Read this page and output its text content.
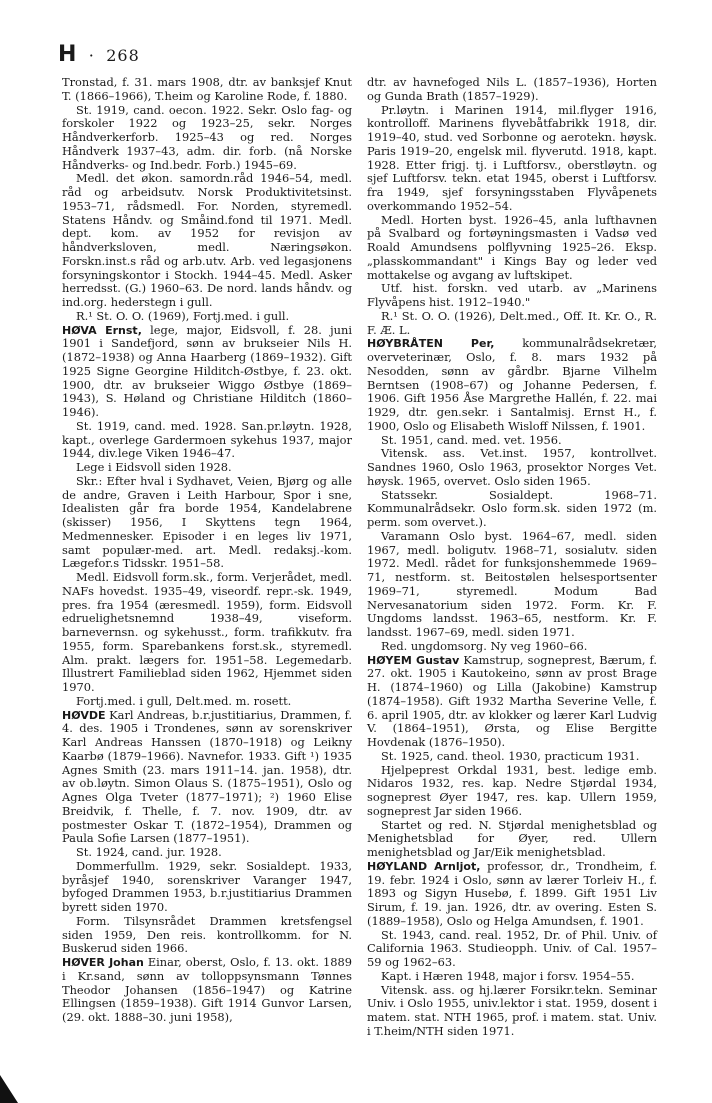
H · 268

Tronstad, f. 31. mars 1908, dtr. av banksjef Knut T. (1866–1966), T.heim og Karoline Rode, f. 1880.

St. 1919, cand. oecon. 1922. Sekr. Oslo fag- og forskoler 1922 og 1923–25, sekr. Norges Håndverkerforb. 1925–43 og red. Norges Håndverk 1937–43, adm. dir. forb. (nå Norske Håndverks- og Ind.bedr. Forb.) 1945–69.

Medl. det økon. samordn.råd 1946–54, medl. råd og arbeidsutv. Norsk Produktivitetsinst. 1953–71, rådsmedl. For. Norden, styremedl. Statens Håndv. og Småind.fond til 1971. Medl. dept. kom. av 1952 for revisjon av håndverksloven, medl. Næringsøkon. Forskn.inst.s råd og arb.utv. Arb. ved legasjonens forsyningskontor i Stockh. 1944–45. Medl. Asker herredsst. (G.) 1960–63. De nord. lands håndv. og ind.org. hederstegn i gull.

R.¹ St. O. O. (1969), Fortj.med. i gull.

HØVA Ernst, lege, major, Eidsvoll, f. 28. juni 1901 i Sandefjord, sønn av brukseier Nils H. (1872–1938) og Anna Haarberg (1869–1932). Gift 1925 Signe Georgine Hilditch-Østbye, f. 23. okt. 1900, dtr. av brukseier Wiggo Østbye (1869–1943), S. Høland og Christiane Hilditch (1860–1946).

St. 1919, cand. med. 1928. San.pr.løytn. 1928, kapt., overlege Gardermoen sykehus 1937, major 1944, div.lege Viken 1946–47.

Lege i Eidsvoll siden 1928.

Skr.: Efter hval i Sydhavet, Veien, Bjørg og alle de andre, Graven i Leith Harbour, Spor i sne, Idealisten går fra borde 1954, Kandelabrene (skisser) 1956, I Skyttens tegn 1964, Medmennesker. Episoder i en leges liv 1971, samt populær-med. art. Medl. redaksj.-kom. Lægefor.s Tidsskr. 1951–58.

Medl. Eidsvoll form.sk., form. Verjerådet, medl. NAFs hovedst. 1935–49, viseordf. repr.-sk. 1949, pres. fra 1954 (æresmedl. 1959), form. Eidsvoll edruelighetsnemnd 1938–49, viseform. barnevernsn. og sykehusst., form. trafikkutv. fra 1955, form. Sparebankens forst.sk., styremedl. Alm. prakt. lægers for. 1951–58. Legemedarb. Illustrert Familieblad siden 1962, Hjemmet siden 1970.

Fortj.med. i gull, Delt.med. m. rosett.

HØVDE Karl Andreas, b.r.justitiarius, Drammen, f. 4. des. 1905 i Trondenes, sønn av sorenskriver Karl Andreas Hanssen (1870–1918) og Leikny Kaarbø (1879–1966). Navnefor. 1933. Gift ¹) 1935 Agnes Smith (23. mars 1911–14. jan. 1958), dtr. av ob.løytn. Simon Olaus S. (1875–1951), Oslo og Agnes Olga Tveter (1877–1971); ²) 1960 Elise Breidvik, f. Thelle, f. 7. nov. 1909, dtr. av postmester Oskar T. (1872–1954), Drammen og Paula Sofie Larsen (1877–1951).

St. 1924, cand. jur. 1928.

Dommerfullm. 1929, sekr. Sosialdept. 1933, byråsjef 1940, sorenskriver Varanger 1947, byfoged Drammen 1953, b.r.justitiarius Drammen byrett siden 1970.

Form. Tilsynsrådet Drammen kretsfengsel siden 1959, Den reis. kontrollkomm. for N. Buskerud siden 1966.

HØVER Johan Einar, oberst, Oslo, f. 13. okt. 1889 i Kr.sand, sønn av tolloppsynsmann Tønnes Theodor Johansen (1856–1947) og Katrine Ellingsen (1859–1938). Gift 1914 Gunvor Larsen, (29. okt. 1888–30. juni 1958),

dtr. av havnefoged Nils L. (1857–1936), Horten og Gunda Brath (1857–1929).

Pr.løytn. i Marinen 1914, mil.flyger 1916, kontrolloff. Marinens flyvebåtfabrikk 1918, dir. 1919–40, stud. ved Sorbonne og aerotekn. høysk. Paris 1919–20, engelsk mil. flyverutd. 1918, kapt. 1928. Etter frigj. tj. i Luftforsv., oberstløytn. og sjef Luftforsv. tekn. etat 1945, oberst i Luftforsv. fra 1949, sjef forsyningsstaben Flyvåpenets overkommando 1952–54.

Medl. Horten byst. 1926–45, anla lufthavnen på Svalbard og fortøyningsmasten i Vadsø ved Roald Amundsens polflyvning 1925–26. Eksp. „plasskommandant" i Kings Bay og leder ved mottakelse og avgang av luftskipet.

Utf. hist. forskn. ved utarb. av „Marinens Flyvåpens hist. 1912–1940."

R.¹ St. O. O. (1926), Delt.med., Off. It. Kr. O., R. F. Æ. L.

HØYBRÅTEN Per, kommunalrådsekretær, overveterinær, Oslo, f. 8. mars 1932 på Nesodden, sønn av gårdbr. Bjarne Vilhelm Berntsen (1908–67) og Johanne Pedersen, f. 1906. Gift 1956 Åse Margrethe Hallén, f. 22. mai 1929, dtr. gen.sekr. i Santalmisj. Ernst H., f. 1900, Oslo og Elisabeth Wisloff Nilssen, f. 1901.

St. 1951, cand. med. vet. 1956.

Vitensk. ass. Vet.inst. 1957, kontrollvet. Sandnes 1960, Oslo 1963, prosektor Norges Vet. høysk. 1965, overvet. Oslo siden 1965.

Statssekr. Sosialdept. 1968–71. Kommunalrådsekr. Oslo form.sk. siden 1972 (m. perm. som overvet.).

Varamann Oslo byst. 1964–67, medl. siden 1967, medl. boligutv. 1968–71, sosialutv. siden 1972. Medl. rådet for funksjonshemmede 1969–71, nestform. st. Beitostølen helsesportsenter 1969–71, styremedl. Modum Bad Nervesanatorium siden 1972. Form. Kr. F. Ungdoms landsst. 1963–65, nestform. Kr. F. landsst. 1967–69, medl. siden 1971.

Red. ungdomsorg. Ny veg 1960–66.

HØYEM Gustav Kamstrup, sogneprest, Bærum, f. 27. okt. 1905 i Kautokeino, sønn av prost Brage H. (1874–1960) og Lilla (Jakobine) Kamstrup (1874–1958). Gift 1932 Martha Severine Velle, f. 6. april 1905, dtr. av klokker og lærer Karl Ludvig V. (1864–1951), Ørsta, og Elise Bergitte Hovdenak (1876–1950).

St. 1925, cand. theol. 1930, practicum 1931.

Hjelpeprest Orkdal 1931, best. ledige emb. Nidaros 1932, res. kap. Nedre Stjørdal 1934, sogneprest Øyer 1947, res. kap. Ullern 1959, sogneprest Jar siden 1966.

Startet og red. N. Stjørdal menighetsblad og Menighetsblad for Øyer, red. Ullern menighetsblad og Jar/Eik menighetsblad.

HØYLAND Arnljot, professor, dr., Trondheim, f. 19. febr. 1924 i Oslo, sønn av lærer Torleiv H., f. 1893 og Sigyn Husebø, f. 1899. Gift 1951 Liv Sirum, f. 19. jan. 1926, dtr. av overing. Esten S. (1889–1958), Oslo og Helga Amundsen, f. 1901.

St. 1943, cand. real. 1952, Dr. of Phil. Univ. of California 1963. Studieopph. Univ. of Cal. 1957–59 og 1962–63.

Kapt. i Hæren 1948, major i forsv. 1954–55.

Vitensk. ass. og hj.lærer Forsikr.tekn. Seminar Univ. i Oslo 1955, univ.lektor i stat. 1959, dosent i matem. stat. NTH 1965, prof. i matem. stat. Univ. i T.heim/NTH siden 1971.
